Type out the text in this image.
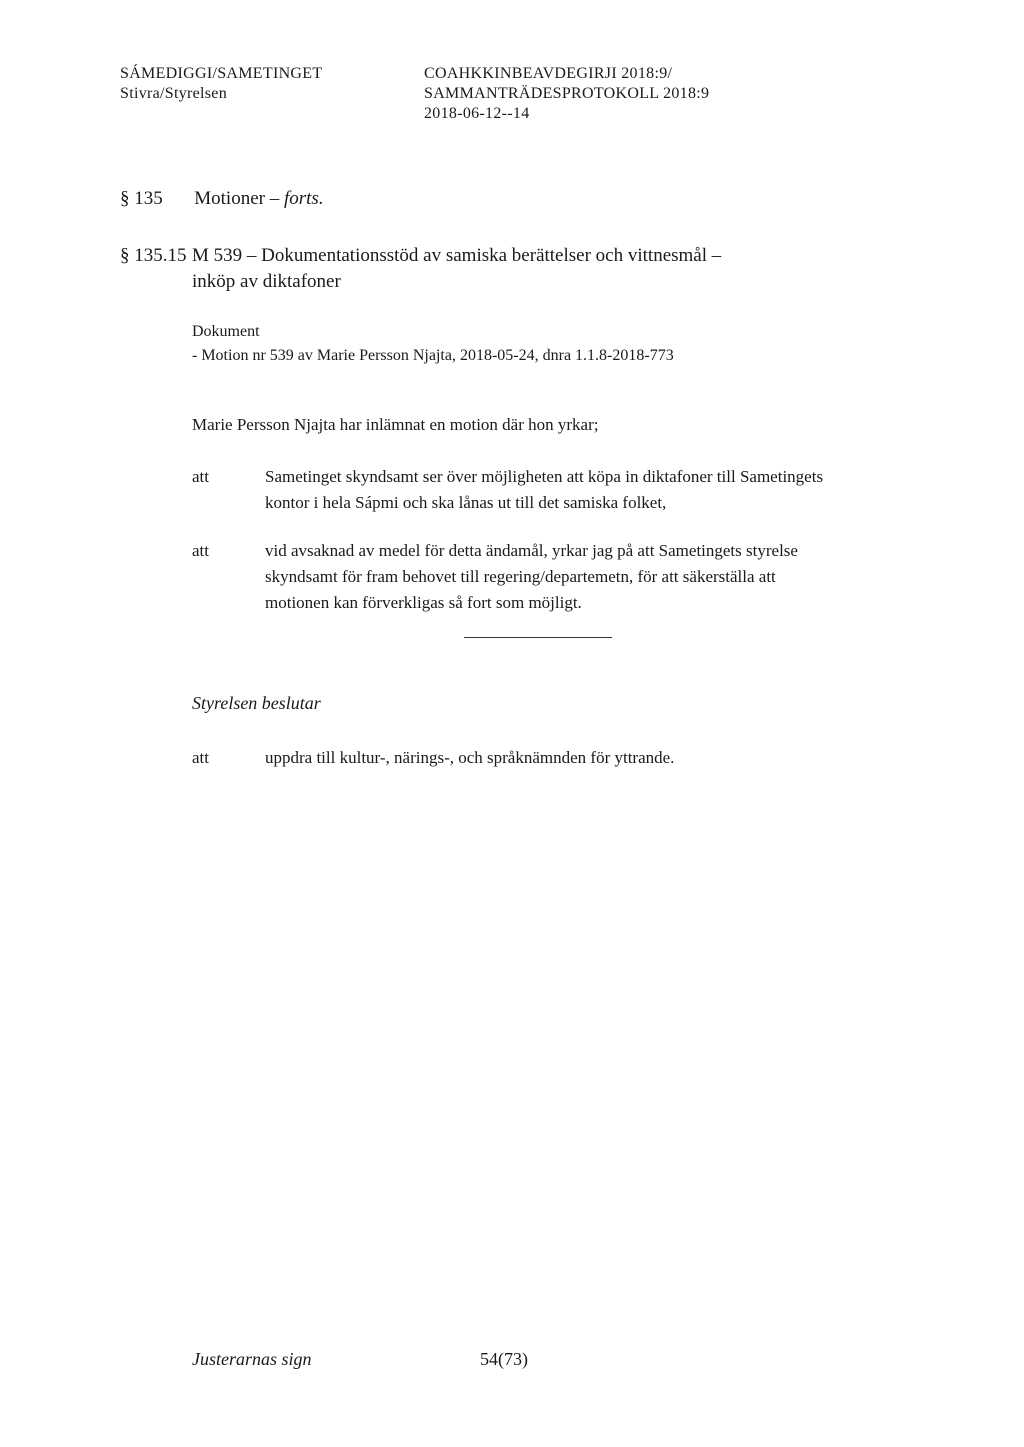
SÁMEDIGGI/SAMETINGET
Stivra/Styrelsen
COAHKKINBEAVDEGIRJI 2018:9/
SAMMANTRÄDESPROTOKOLL 2018:9
2018-06-12--14
§ 135 Motioner – forts.
§ 135.15 M 539 – Dokumentationsstöd av samiska berättelser och vittnesmål –
inköp av diktafoner
Dokument
- Motion nr 539 av Marie Persson Njajta, 2018-05-24, dnra 1.1.8-2018-773
Marie Persson Njajta har inlämnat en motion där hon yrkar;
att	Sametinget skyndsamt ser över möjligheten att köpa in diktafoner till Sametingets
kontor i hela Sápmi och ska lånas ut till det samiska folket,
att	vid avsaknad av medel för detta ändamål, yrkar jag på att Sametingets styrelse
skyndsamt för fram behovet till regering/departemetn, för att säkerställa att
motionen kan förverkligas så fort som möjligt.
Styrelsen beslutar
att	uppdra till kultur-, närings-, och språknämnden för yttrande.
Justerarnas sign	54(73)
